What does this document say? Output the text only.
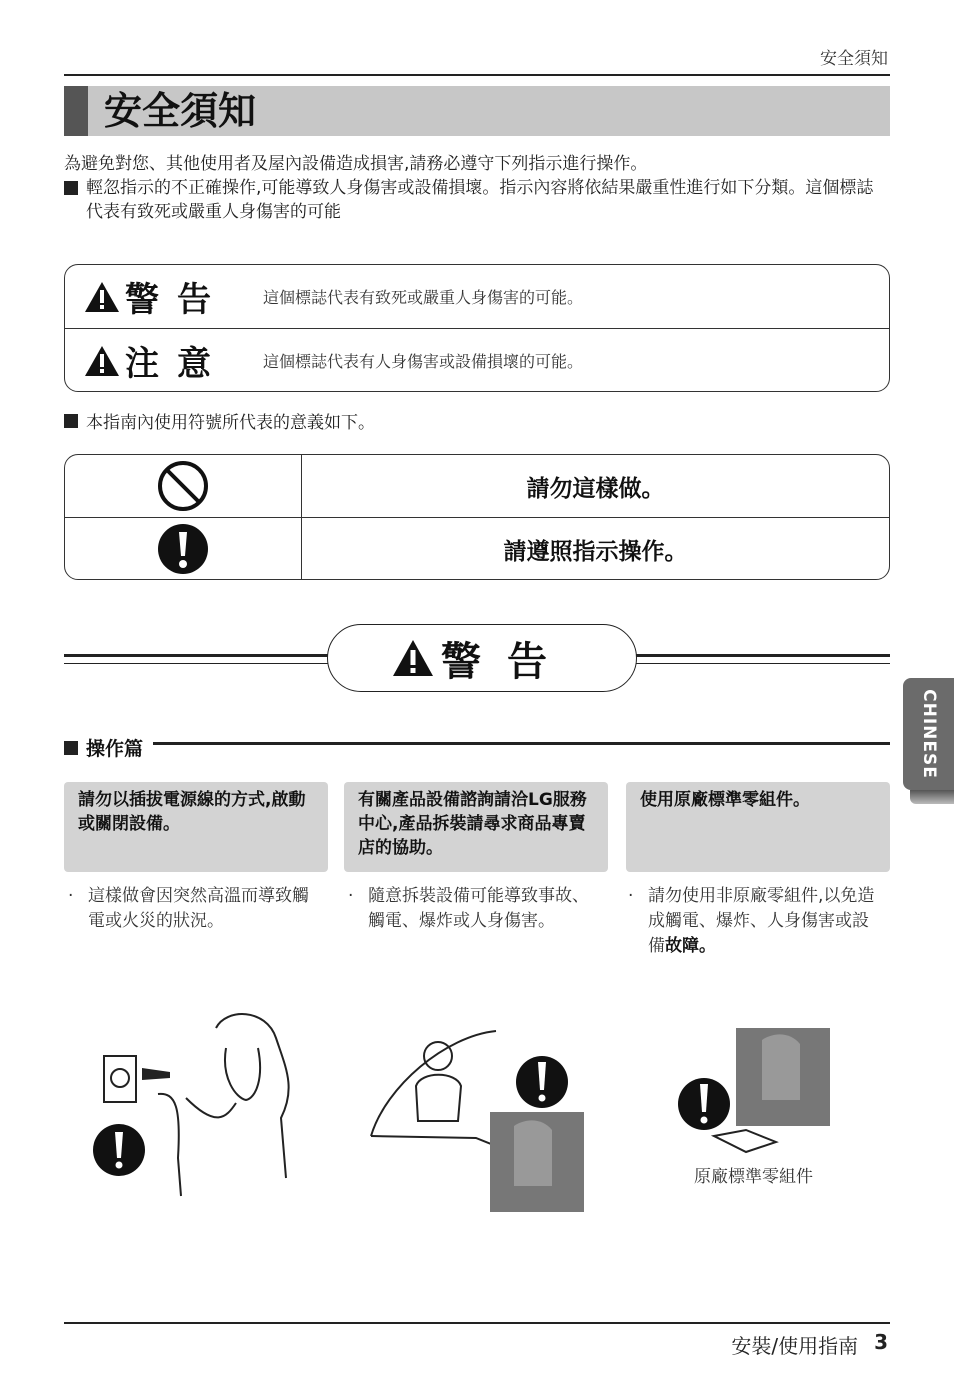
安全須知
安全須知

為避免對您、其他使用者及屋內設備造成損害,請務必遵守下列指示進行操作。

輕忽指示的不正確操作,可能導致人身傷害或設備損壞。指示內容將依結果嚴重性進行如下分類。這個標誌代表有致死或嚴重人身傷害的可能
警告 這個標誌代表有致死或嚴重人身傷害的可能。
注意 這個標誌代表有人身傷害或設備損壞的可能。
本指南內使用符號所代表的意義如下。
請勿這樣做。
請遵照指示操作。
警告
CHINESE
操作篇
請勿以插拔電源線的方式,啟動或關閉設備。
有關產品設備諮詢請洽LG服務中心,產品拆裝請尋求商品專賣店的協助。
使用原廠標準零組件。
· 這樣做會因突然高溫而導致觸電或火災的狀況。
· 隨意拆裝設備可能導致事故、觸電、爆炸或人身傷害。
· 請勿使用非原廠零組件,以免造成觸電、爆炸、人身傷害或設備故障。
原廠標準零組件
安裝/使用指南 3
